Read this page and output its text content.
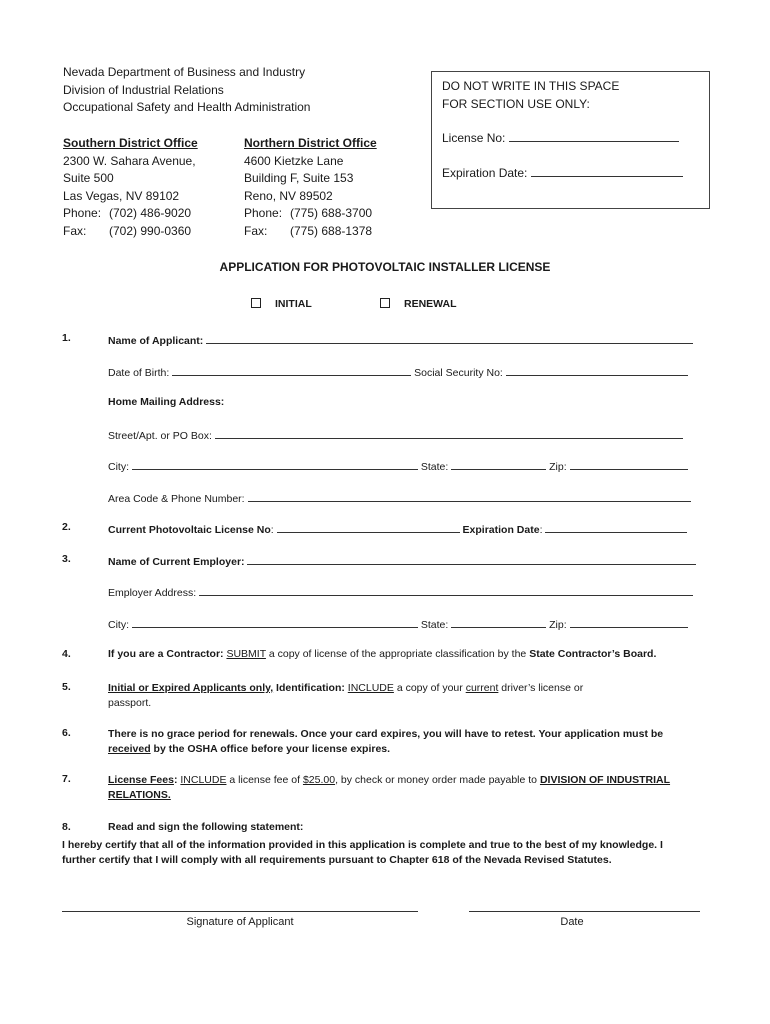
Nevada Department of Business and Industry
Division of Industrial Relations
Occupational Safety and Health Administration
Southern District Office
2300 W. Sahara Avenue,
Suite 500
Las Vegas, NV 89102
Phone: (702) 486-9020
Fax: (702) 990-0360
Northern District Office
4600 Kietzke Lane
Building F, Suite 153
Reno, NV 89502
Phone: (775) 688-3700
Fax: (775) 688-1378
DO NOT WRITE IN THIS SPACE
FOR SECTION USE ONLY:
License No:
Expiration Date:
APPLICATION FOR PHOTOVOLTAIC INSTALLER LICENSE
INITIAL	RENEWAL
1.	Name of Applicant:
Date of Birth:	Social Security No:
Home Mailing Address:
Street/Apt. or PO Box:
City:	State:	Zip:
Area Code & Phone Number:
2.	Current Photovoltaic License No:	Expiration Date:
3.	Name of Current Employer:
Employer Address:
City:	State:	Zip:
4.	If you are a Contractor: SUBMIT a copy of license of the appropriate classification by the State Contractor’s Board.
5.	Initial or Expired Applicants only, Identification: INCLUDE a copy of your current driver’s license or
passport.
6.	There is no grace period for renewals. Once your card expires, you will have to retest. Your application must be
received by the OSHA office before your license expires.
7.	License Fees: INCLUDE a license fee of $25.00, by check or money order made payable to DIVISION OF INDUSTRIAL
RELATIONS.
8.	Read and sign the following statement:
I hereby certify that all of the information provided in this application is complete and true to the best of my knowledge. I
further certify that I will comply with all requirements pursuant to Chapter 618 of the Nevada Revised Statutes.
Signature of Applicant	Date
